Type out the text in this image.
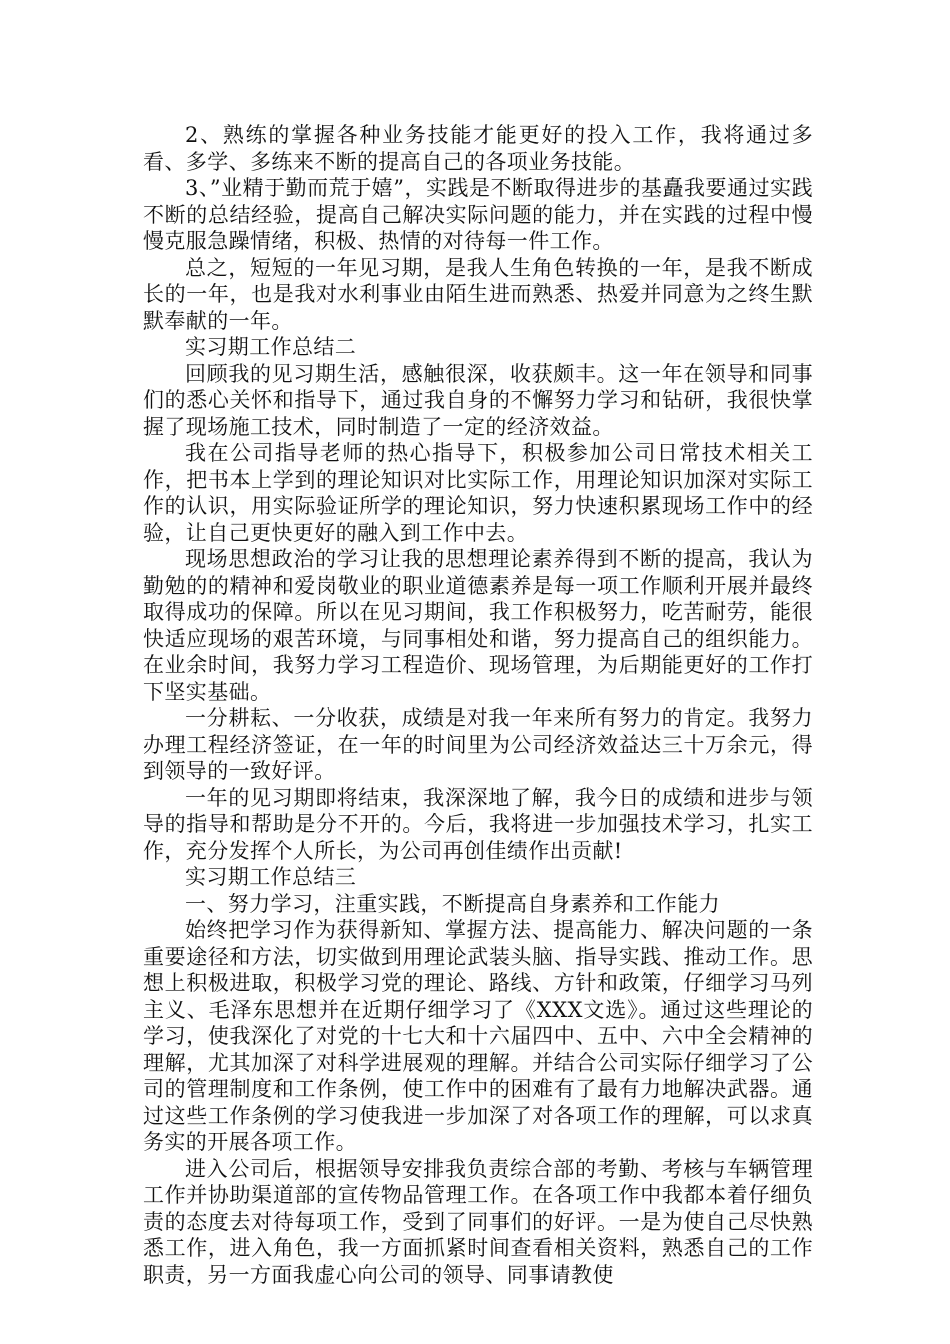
2、熟练的掌握各种业务技能才能更好的投入工作，我将通过多看、多学、多练来不断的提高自己的各项业务技能。

3、”业精于勤而荒于嬉”，实践是不断取得进步的基矗我要通过实践不断的总结经验，提高自己解决实际问题的能力，并在实践的过程中慢慢克服急躁情绪，积极、热情的对待每一件工作。

总之，短短的一年见习期，是我人生角色转换的一年，是我不断成长的一年，也是我对水利事业由陌生进而熟悉、热爱并同意为之终生默默奉献的一年。

实习期工作总结二

回顾我的见习期生活，感触很深，收获颇丰。这一年在领导和同事们的悉心关怀和指导下，通过我自身的不懈努力学习和钻研，我很快掌握了现场施工技术，同时制造了一定的经济效益。

我在公司指导老师的热心指导下，积极参加公司日常技术相关工作，把书本上学到的理论知识对比实际工作，用理论知识加深对实际工作的认识，用实际验证所学的理论知识，努力快速积累现场工作中的经验，让自己更快更好的融入到工作中去。

现场思想政治的学习让我的思想理论素养得到不断的提高，我认为勤勉的的精神和爱岗敬业的职业道德素养是每一项工作顺利开展并最终取得成功的保障。所以在见习期间，我工作积极努力，吃苦耐劳，能很快适应现场的艰苦环境，与同事相处和谐，努力提高自己的组织能力。在业余时间，我努力学习工程造价、现场管理，为后期能更好的工作打下坚实基础。

一分耕耘、一分收获，成绩是对我一年来所有努力的肯定。我努力办理工程经济签证，在一年的时间里为公司经济效益达三十万余元，得到领导的一致好评。

一年的见习期即将结束，我深深地了解，我今日的成绩和进步与领导的指导和帮助是分不开的。今后，我将进一步加强技术学习，扎实工作，充分发挥个人所长，为公司再创佳绩作出贡献!

实习期工作总结三

一、努力学习，注重实践，不断提高自身素养和工作能力

始终把学习作为获得新知、掌握方法、提高能力、解决问题的一条重要途径和方法，切实做到用理论武装头脑、指导实践、推动工作。思想上积极进取，积极学习党的理论、路线、方针和政策，仔细学习马列主义、毛泽东思想并在近期仔细学习了《XXX文选》。通过这些理论的学习，使我深化了对党的十七大和十六届四中、五中、六中全会精神的理解，尤其加深了对科学进展观的理解。并结合公司实际仔细学习了公司的管理制度和工作条例，使工作中的困难有了最有力地解决武器。通过这些工作条例的学习使我进一步加深了对各项工作的理解，可以求真务实的开展各项工作。

进入公司后，根据领导安排我负责综合部的考勤、考核与车辆管理工作并协助渠道部的宣传物品管理工作。在各项工作中我都本着仔细负责的态度去对待每项工作，受到了同事们的好评。一是为使自己尽快熟悉工作，进入角色，我一方面抓紧时间查看相关资料，熟悉自己的工作职责，另一方面我虚心向公司的领导、同事请教使
